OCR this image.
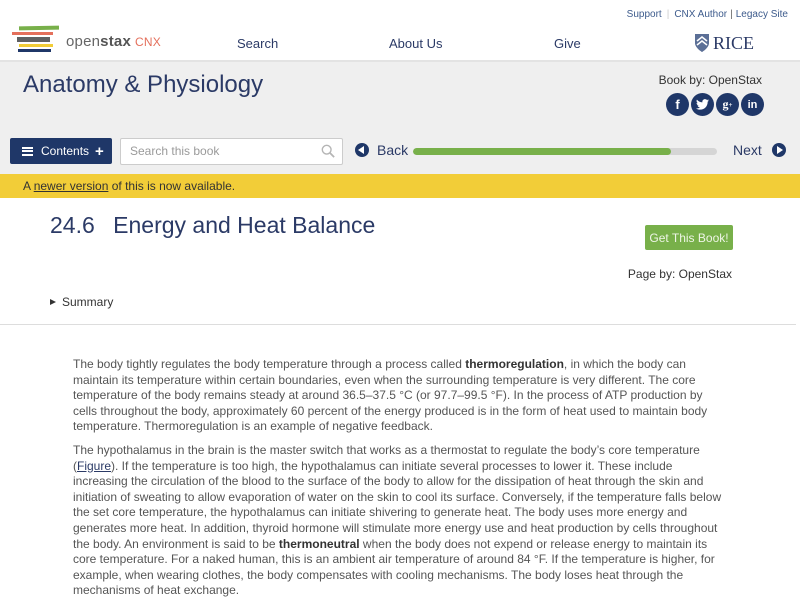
Support | CNX Author | Legacy Site
openstax CNX	Search	About Us	Give	RICE
Anatomy & Physiology	Book by: OpenStax
f	g +	in
Contents +
Search this book	Back	Next
A newer version of this is now available.
24.6 Energy and Heat Balance	Get This Book!
Page by: OpenStax
Summary

The body tightly regulates the body temperature through a process called thermoregulation, in which the body can maintain its temperature within certain boundaries, even when the surrounding temperature is very different. The core temperature of the body remains steady at around 36.5–37.5 °C (or 97.7–99.5 °F). In the process of ATP production by cells throughout the body, approximately 60 percent of the energy produced is in the form of heat used to maintain body temperature. Thermoregulation is an example of negative feedback.

The hypothalamus in the brain is the master switch that works as a thermostat to regulate the body’s core temperature (Figure). If the temperature is too high, the hypothalamus can initiate several processes to lower it. These include increasing the circulation of the blood to the surface of the body to allow for the dissipation of heat through the skin and initiation of sweating to allow evaporation of water on the skin to cool its surface. Conversely, if the temperature falls below the set core temperature, the hypothalamus can initiate shivering to generate heat. The body uses more energy and generates more heat. In addition, thyroid hormone will stimulate more energy use and heat production by cells throughout the body. An environment is said to be thermoneutral when the body does not expend or release energy to maintain its core temperature. For a naked human, this is an ambient air temperature of around 84 °F. If the temperature is higher, for example, when wearing clothes, the body compensates with cooling mechanisms. The body loses heat through the mechanisms of heat exchange.
